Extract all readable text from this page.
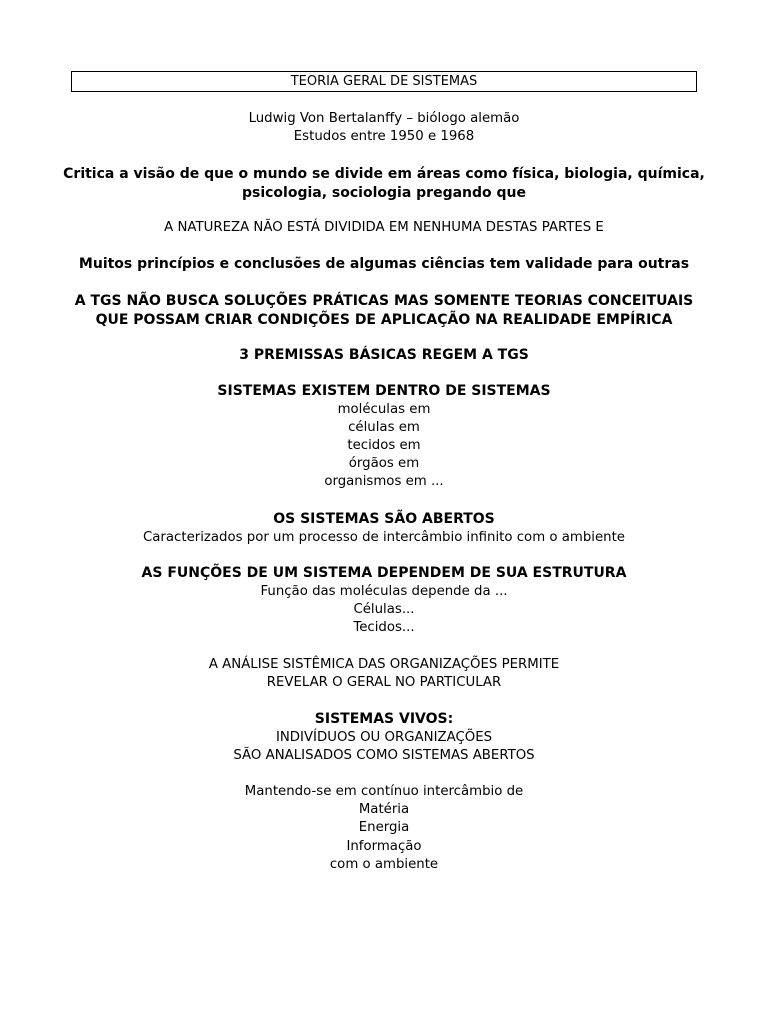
TEORIA GERAL DE SISTEMAS
Ludwig Von Bertalanffy – biólogo alemão
Estudos entre 1950 e 1968
Critica a visão de que o mundo se divide em áreas como física, biologia, química,
psicologia, sociologia pregando que
A NATUREZA NÃO ESTÁ DIVIDIDA EM NENHUMA DESTAS PARTES E
Muitos princípios e conclusões de algumas ciências tem validade para outras
A TGS NÃO BUSCA SOLUÇÕES PRÁTICAS MAS SOMENTE TEORIAS CONCEITUAIS
QUE POSSAM CRIAR CONDIÇÕES DE APLICAÇÃO NA REALIDADE EMPÍRICA
3 PREMISSAS BÁSICAS REGEM A TGS
SISTEMAS EXISTEM DENTRO DE SISTEMAS
moléculas em
células em
tecidos em
órgãos em
organismos em ...
OS SISTEMAS SÃO ABERTOS
Caracterizados por um processo de intercâmbio infinito com o ambiente
AS FUNÇÕES DE UM SISTEMA DEPENDEM DE SUA ESTRUTURA
Função das moléculas depende da ...
Células...
Tecidos...
A ANÁLISE SISTÊMICA DAS ORGANIZAÇÕES PERMITE
REVELAR O GERAL NO PARTICULAR
SISTEMAS VIVOS:
INDIVÍDUOS OU ORGANIZAÇÕES
SÃO ANALISADOS COMO SISTEMAS ABERTOS
Mantendo-se em contínuo intercâmbio de
Matéria
Energia
Informação
com o ambiente
